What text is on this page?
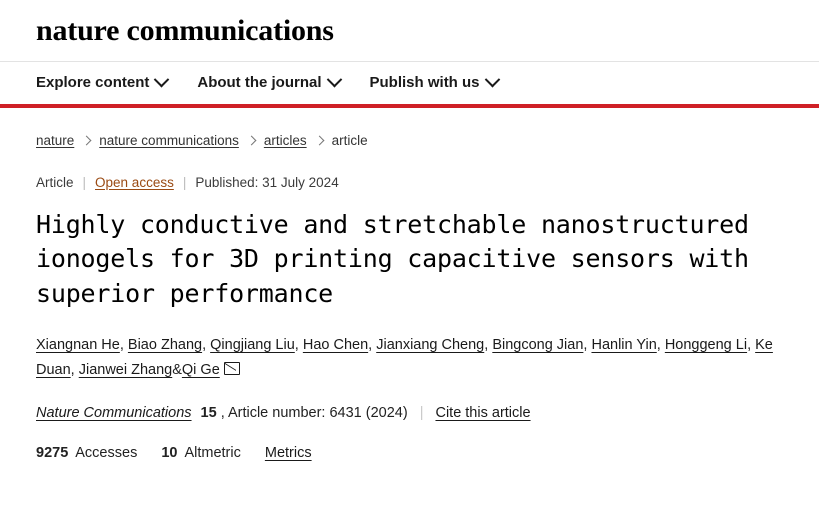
nature communications
Explore content	About the journal	Publish with us
nature nature communications articles article
Article | Open access | Published: 31 July 2024
Highly conductive and stretchable nanostructured ionogels for 3D printing capacitive sensors with superior performance
Xiangnan He, Biao Zhang, Qingjiang Liu, Hao Chen, Jianxiang Cheng, Bingcong Jian, Hanlin Yin, Honggeng Li, Ke Duan, Jianwei Zhang&Qi Ge
Nature Communications 15 , Article number: 6431 (2024) | Cite this article
9275 Accesses 10 Altmetric Metrics
